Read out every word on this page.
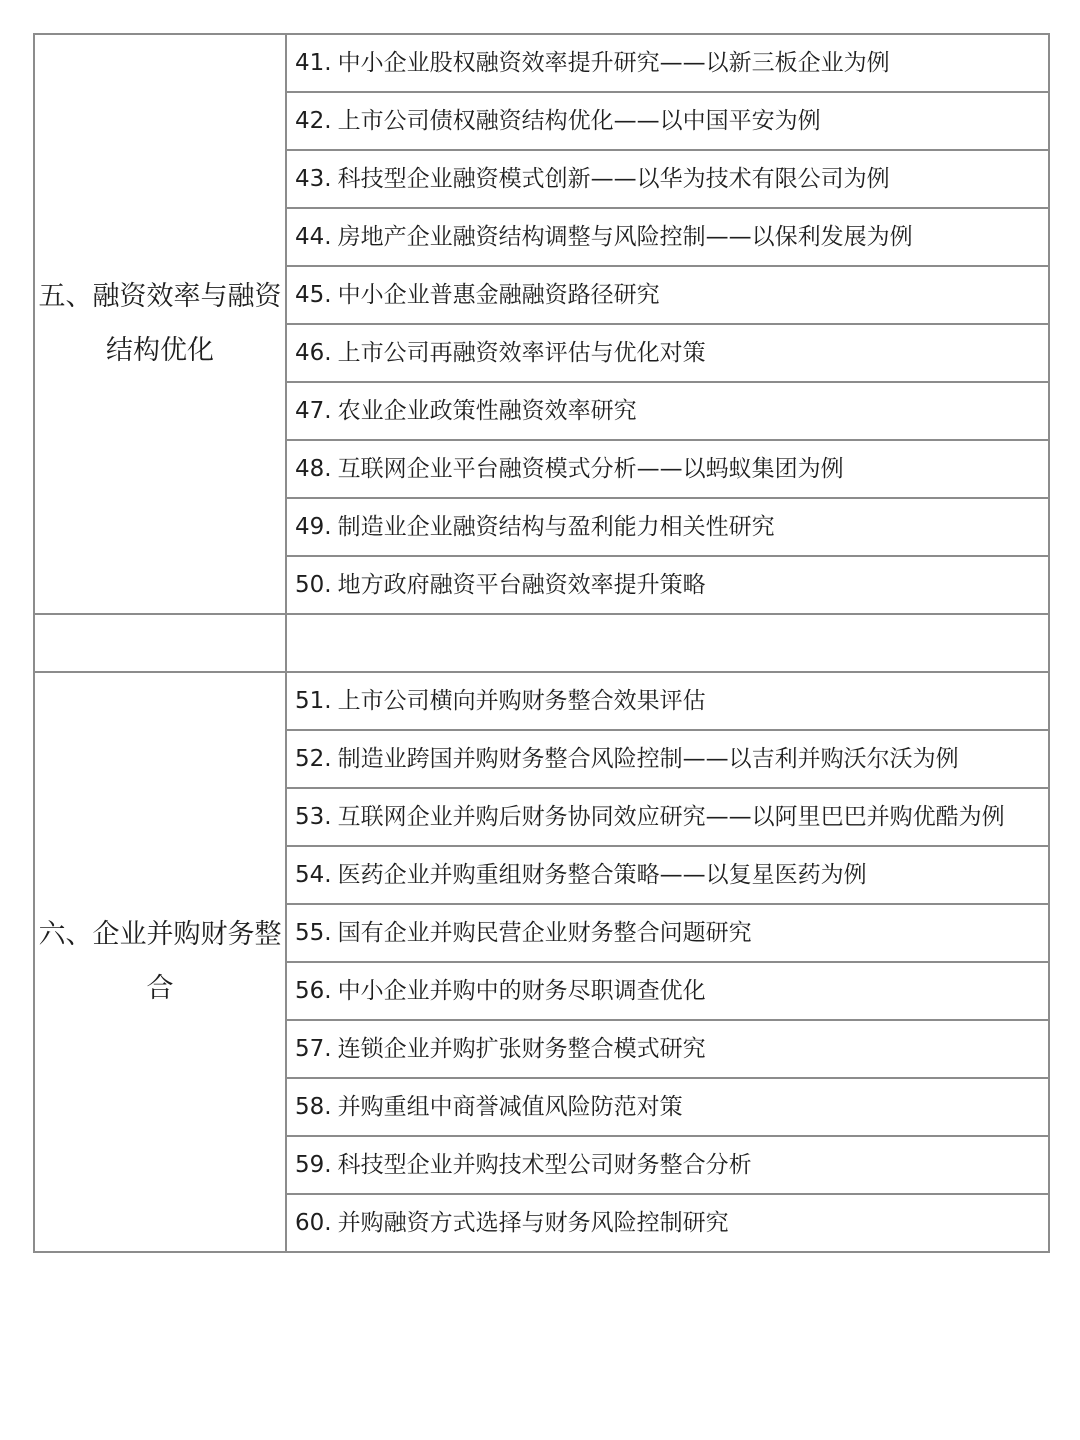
五、融资效率与融资结构优化	41. 中小企业股权融资效率提升研究——以新三板企业为例

	42. 上市公司债权融资结构优化——以中国平安为例

	43. 科技型企业融资模式创新——以华为技术有限公司为例

	44. 房地产企业融资结构调整与风险控制——以保利发展为例

	45. 中小企业普惠金融融资路径研究

	46. 上市公司再融资效率评估与优化对策

	47. 农业企业政策性融资效率研究

	48. 互联网企业平台融资模式分析——以蚂蚁集团为例

	49. 制造业企业融资结构与盈利能力相关性研究

	50. 地方政府融资平台融资效率提升策略

六、企业并购财务整合	51. 上市公司横向并购财务整合效果评估

	52. 制造业跨国并购财务整合风险控制——以吉利并购沃尔沃为例

	53. 互联网企业并购后财务协同效应研究——以阿里巴巴并购优酷为例

	54. 医药企业并购重组财务整合策略——以复星医药为例

	55. 国有企业并购民营企业财务整合问题研究

	56. 中小企业并购中的财务尽职调查优化

	57. 连锁企业并购扩张财务整合模式研究

	58. 并购重组中商誉减值风险防范对策

	59. 科技型企业并购技术型公司财务整合分析

	60. 并购融资方式选择与财务风险控制研究
